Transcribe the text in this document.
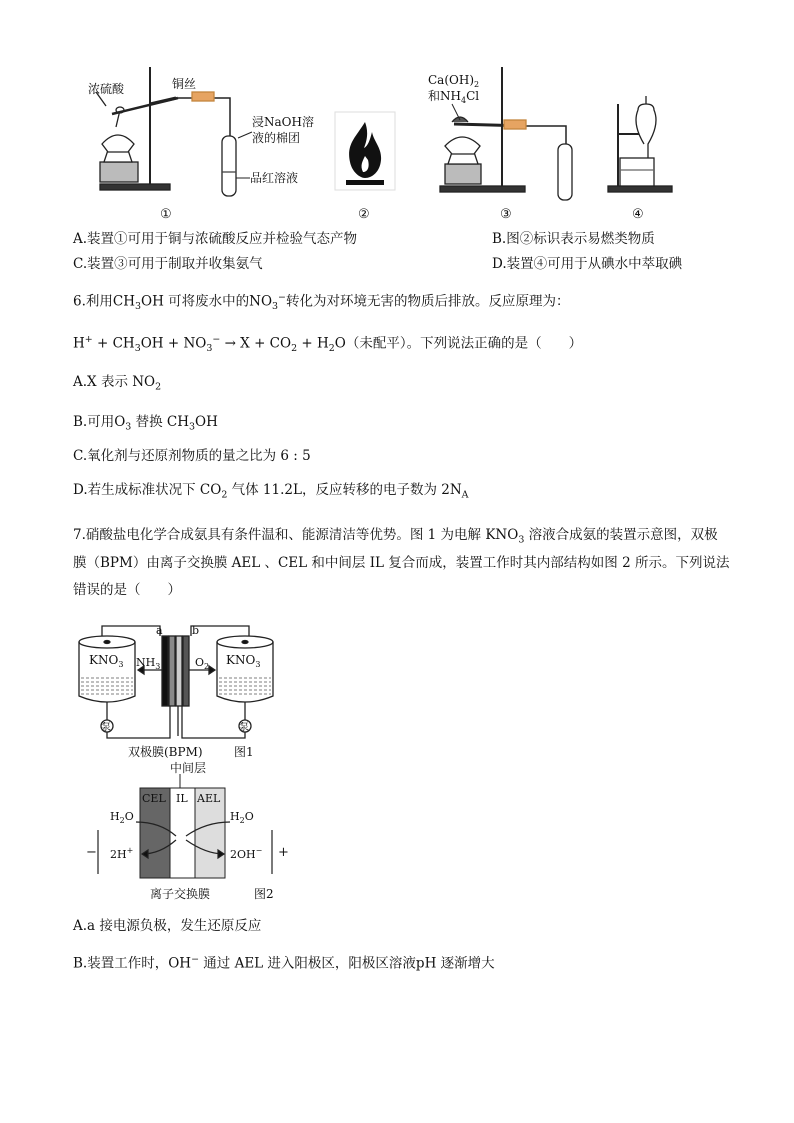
浓硫酸	铜丝
浸NaOH溶
液的棉团
品红溶液
$Ca(OH)_2$
和$NH_4Cl$
①	②	③	④
A.装置①可用于铜与浓硫酸反应并检验气态产物	B.图②标识表示易燃类物质
C.装置③可用于制取并收集氨气	D.装置④可用于从碘水中萃取碘
6.利用$CH_3OH$ 可将废水中的$NO_3^-$转化为对环境无害的物质后排放。反应原理为：
$H^+ + CH_3OH + NO_3^- \to X + CO_2 + H_2O$（未配平）。下列说法正确的是（　　）
A.X 表示 $NO_2$
B.可用$O_3$ 替换 $CH_3OH$
C.氧化剂与还原剂物质的量之比为 6 : 5
D.若生成标准状况下 $CO_2$ 气体 11.2L，反应转移的电子数为 $2N_A$
7.硝酸盐电化学合成氨具有条件温和、能源清洁等优势。图 1 为电解 $KNO_3$ 溶液合成氨的装置示意图，双极
膜（BPM）由离子交换膜 AEL 、CEL 和中间层 IL 复合而成，装置工作时其内部结构如图 2 所示。下列说法
错误的是（　　）
a	b
$KNO_3$	$KNO_3$
$NH_3$	$O_2$
泵	泵
双极膜(BPM)	图1
中间层
CEL IL AEL
$H_2O$	$H_2O$
2H+	2OH−
−	+
离子交换膜	图2
A.a 接电源负极，发生还原反应
B.装置工作时，OH− 通过 AEL 进入阳极区，阳极区溶液pH 逐渐增大
